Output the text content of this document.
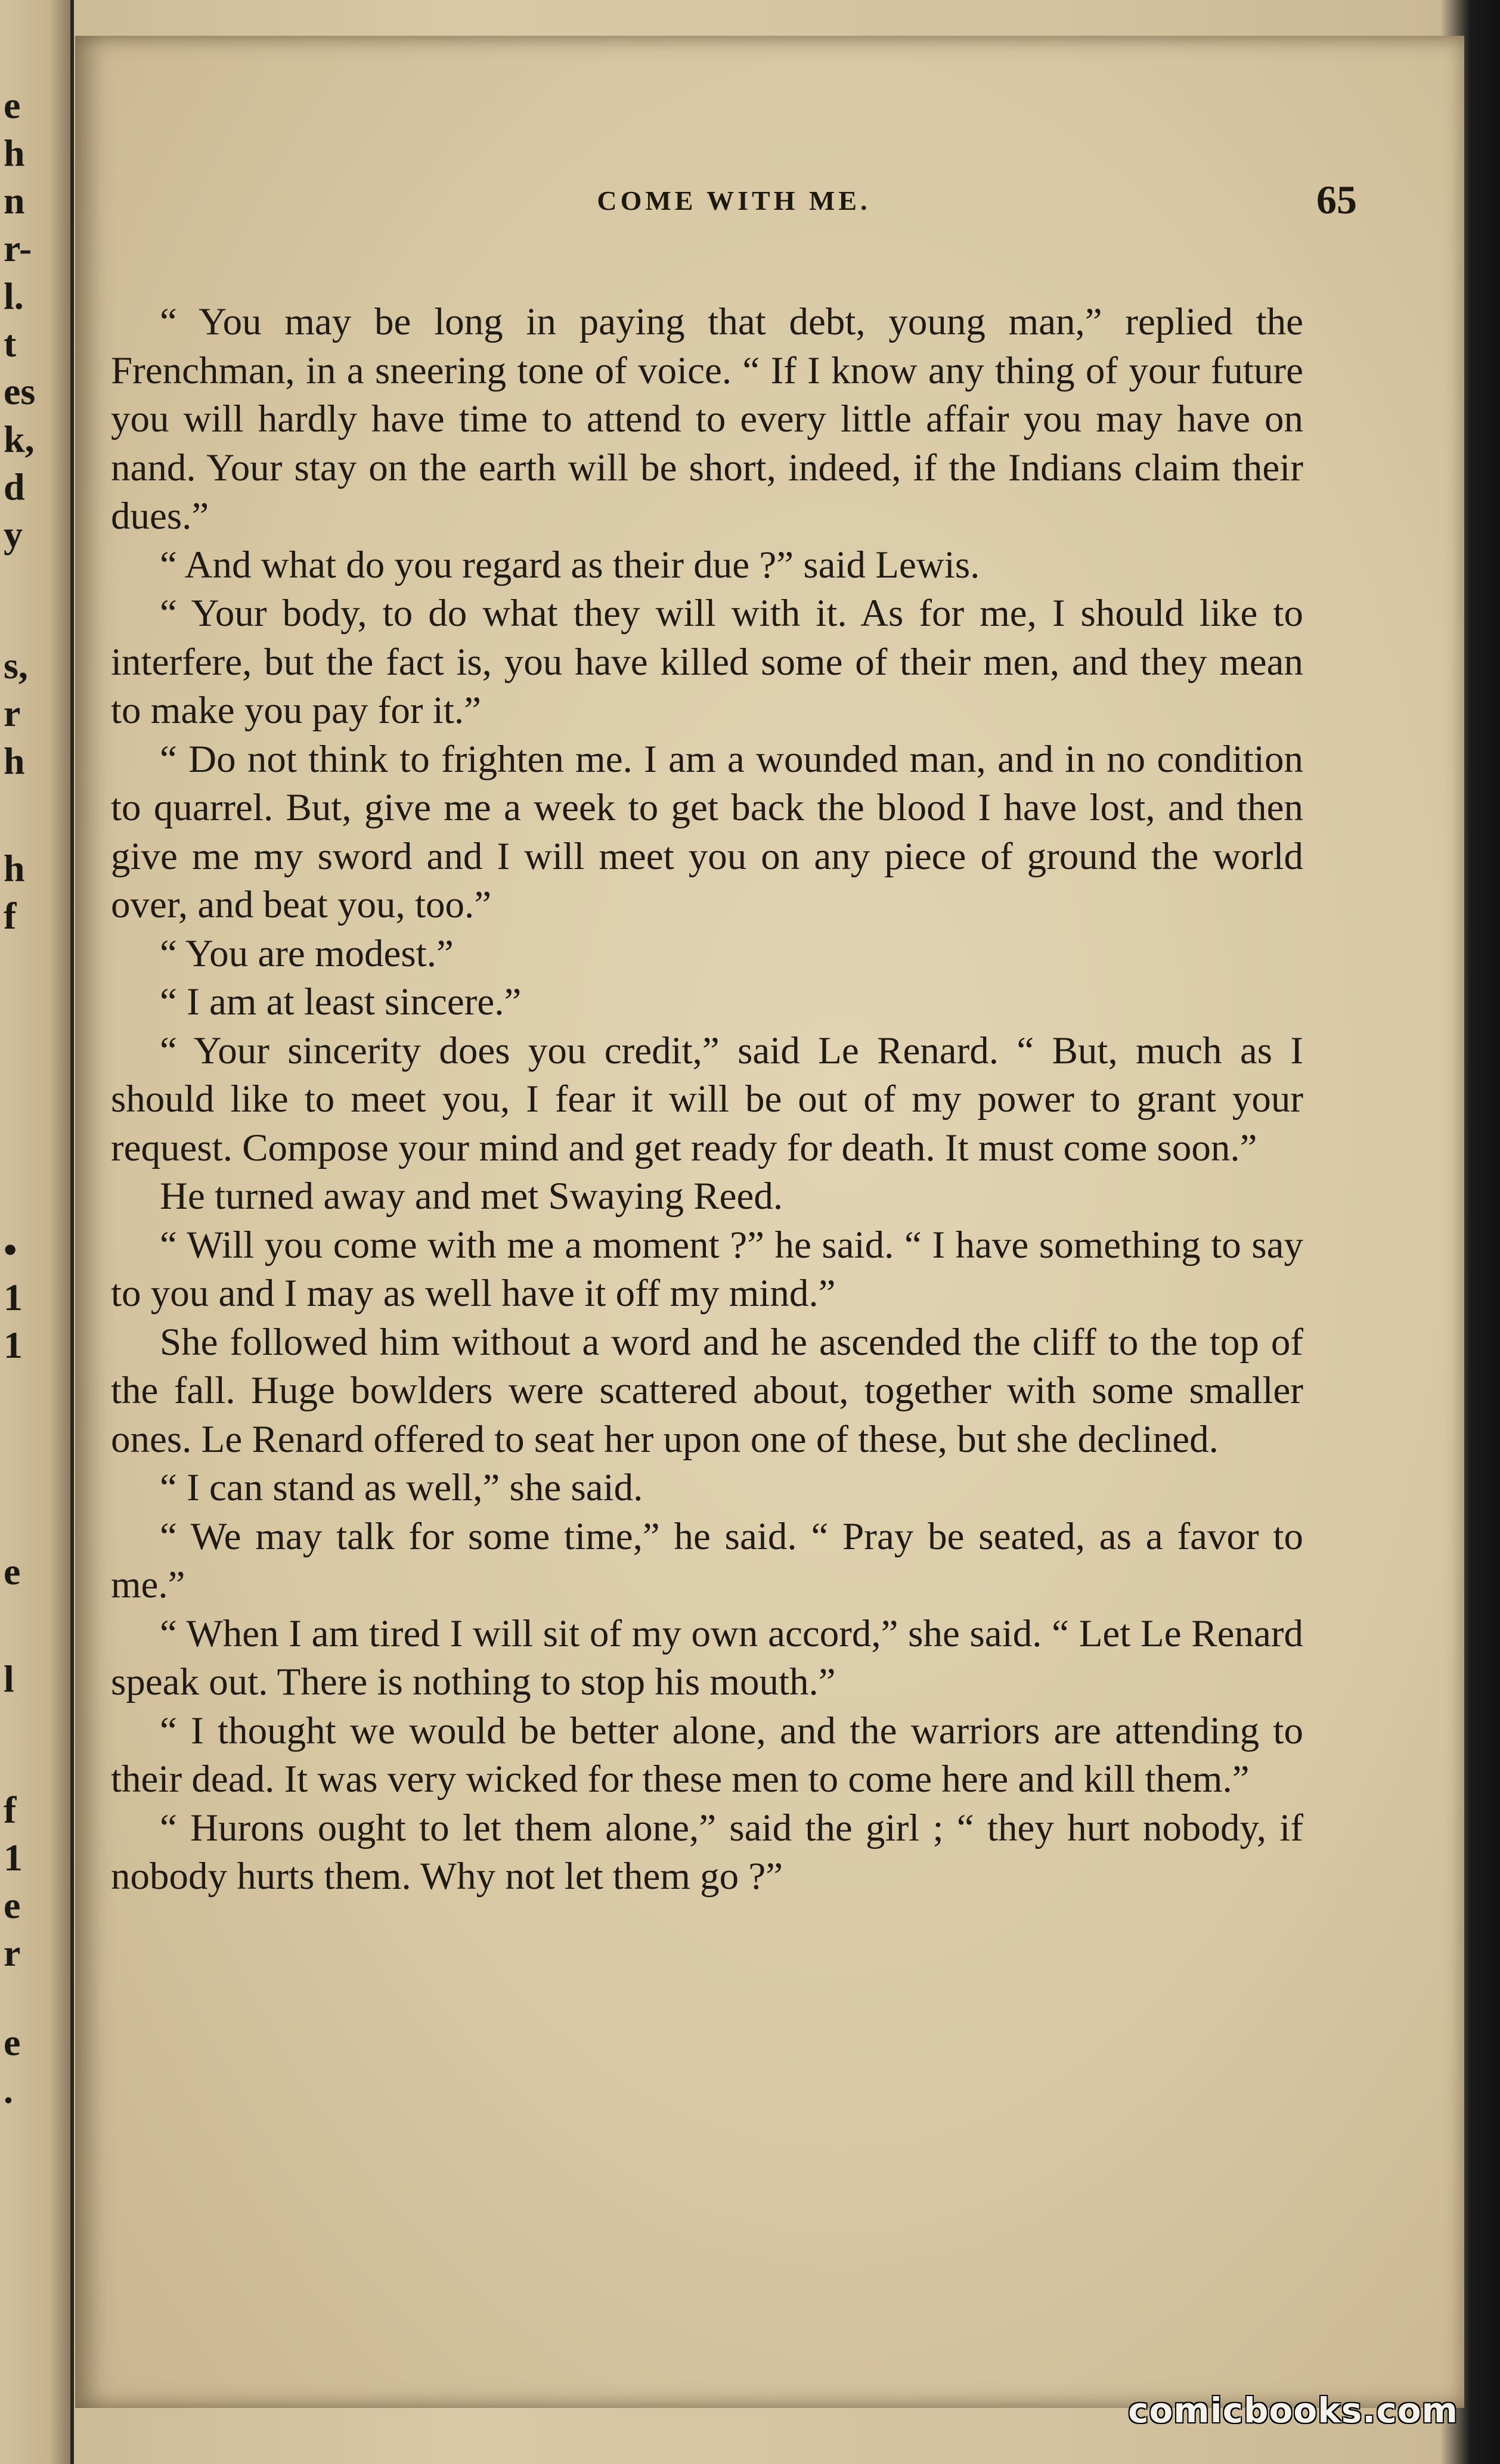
e
h
n
r-
l.
t
es
k,
d
y
s,
r
h
h
f
•
1
1
e
l
f
1
e
r
e
.
COME WITH ME.	65

“ You may be long in paying that debt, young man,” replied the Frenchman, in a sneering tone of voice. “ If I know any thing of your future you will hardly have time to attend to every little affair you may have on nand. Your stay on the earth will be short, indeed, if the Indians claim their dues.”

“ And what do you regard as their due ?” said Lewis.

“ Your body, to do what they will with it. As for me, I should like to interfere, but the fact is, you have killed some of their men, and they mean to make you pay for it.”

“ Do not think to frighten me. I am a wounded man, and in no condition to quarrel. But, give me a week to get back the blood I have lost, and then give me my sword and I will meet you on any piece of ground the world over, and beat you, too.”

“ You are modest.”

“ I am at least sincere.”

“ Your sincerity does you credit,” said Le Renard. “ But, much as I should like to meet you, I fear it will be out of my power to grant your request. Compose your mind and get ready for death. It must come soon.”

He turned away and met Swaying Reed.

“ Will you come with me a moment ?” he said. “ I have something to say to you and I may as well have it off my mind.”

She followed him without a word and he ascended the cliff to the top of the fall. Huge bowlders were scattered about, together with some smaller ones. Le Renard offered to seat her upon one of these, but she declined.

“ I can stand as well,” she said.

“ We may talk for some time,” he said. “ Pray be seated, as a favor to me.”

“ When I am tired I will sit of my own accord,” she said. “ Let Le Renard speak out. There is nothing to stop his mouth.”

“ I thought we would be better alone, and the warriors are attending to their dead. It was very wicked for these men to come here and kill them.”

“ Hurons ought to let them alone,” said the girl ; “ they hurt nobody, if nobody hurts them. Why not let them go ?”

comicbooks.com
